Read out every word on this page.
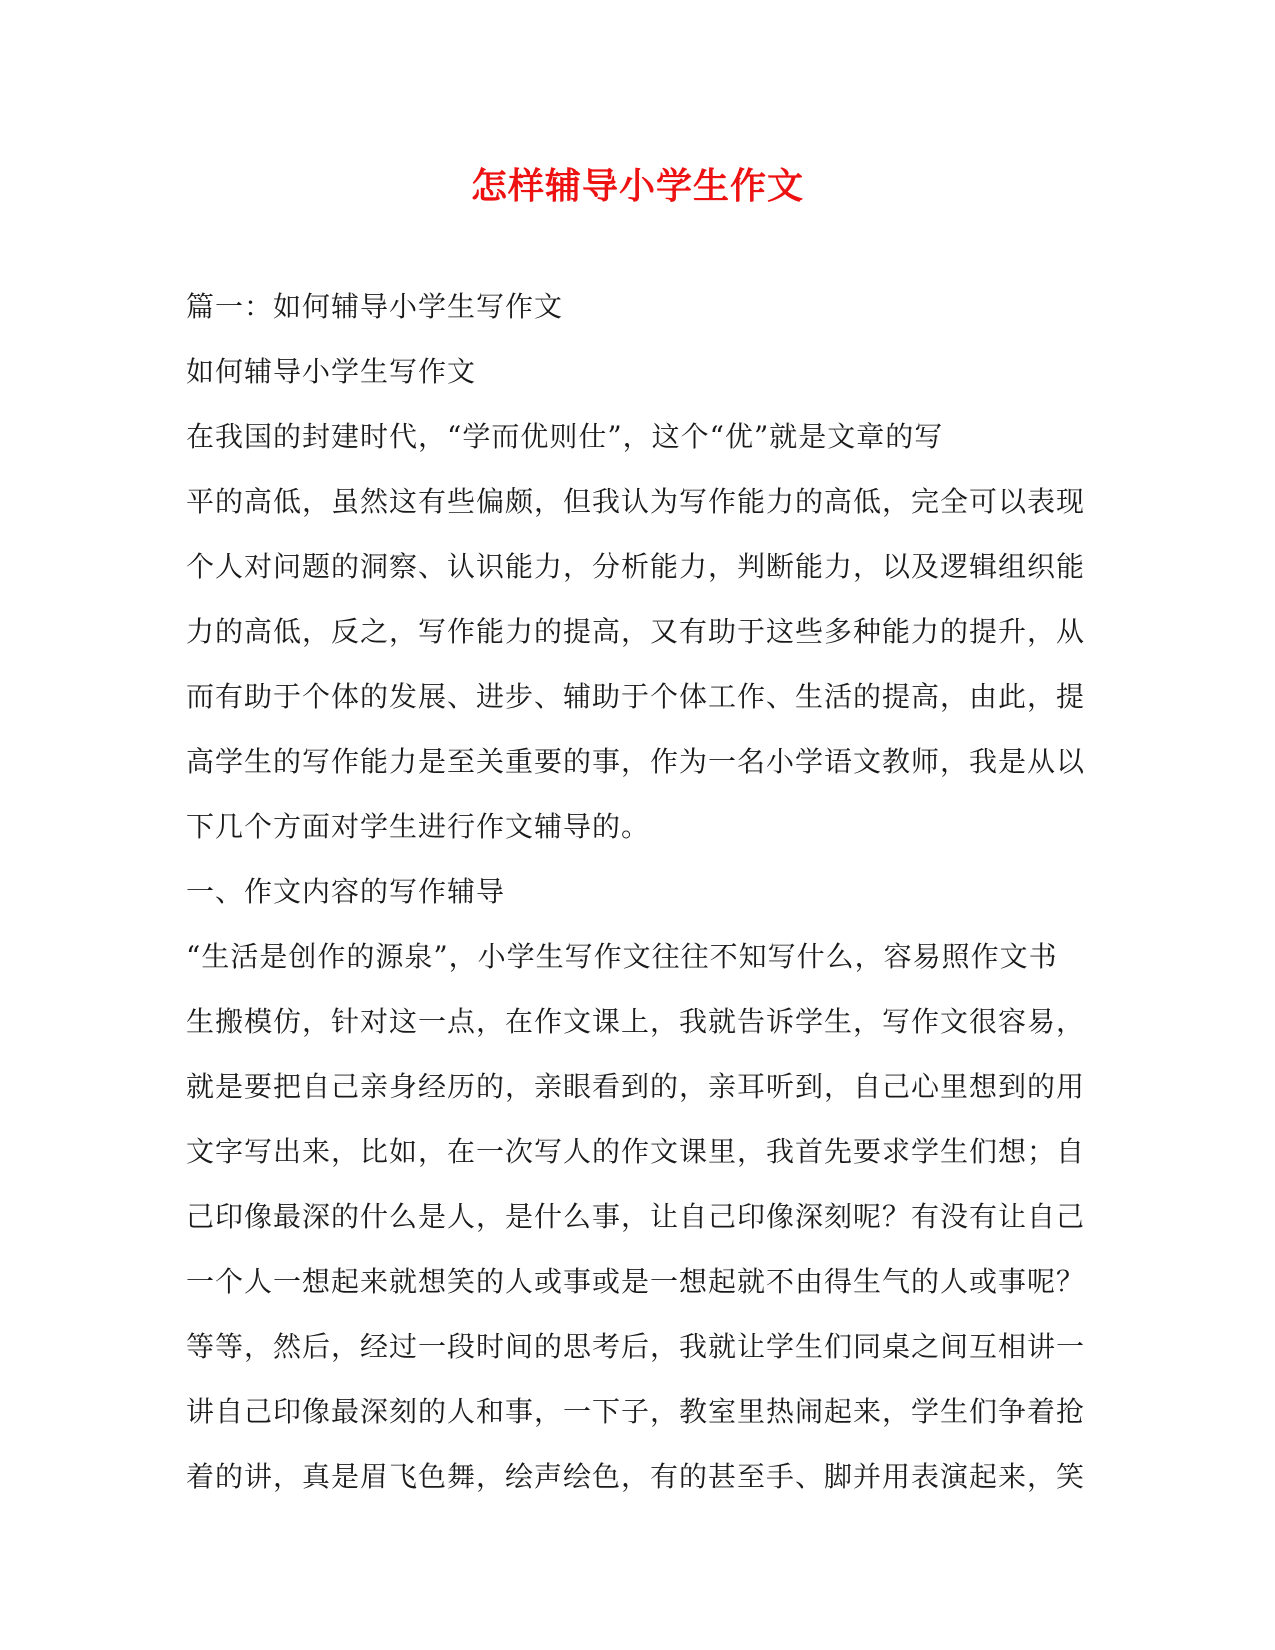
怎样辅导小学生作文
篇一：如何辅导小学生写作文
如何辅导小学生写作文
在我国的封建时代，“学而优则仕”，这个“优”就是文章的写
平的高低，虽然这有些偏颇，但我认为写作能力的高低，完全可以表现
个人对问题的洞察、认识能力，分析能力，判断能力，以及逻辑组织能
力的高低，反之，写作能力的提高，又有助于这些多种能力的提升，从
而有助于个体的发展、进步、辅助于个体工作、生活的提高，由此，提
高学生的写作能力是至关重要的事，作为一名小学语文教师，我是从以
下几个方面对学生进行作文辅导的。
一、作文内容的写作辅导
“生活是创作的源泉”，小学生写作文往往不知写什么，容易照作文书
生搬模仿，针对这一点，在作文课上，我就告诉学生，写作文很容易，
就是要把自己亲身经历的，亲眼看到的，亲耳听到，自己心里想到的用
文字写出来，比如，在一次写人的作文课里，我首先要求学生们想；自
己印像最深的什么是人，是什么事，让自己印像深刻呢？有没有让自己
一个人一想起来就想笑的人或事或是一想起就不由得生气的人或事呢？
等等，然后，经过一段时间的思考后，我就让学生们同桌之间互相讲一
讲自己印像最深刻的人和事，一下子，教室里热闹起来，学生们争着抢
着的讲，真是眉飞色舞，绘声绘色，有的甚至手、脚并用表演起来，笑
